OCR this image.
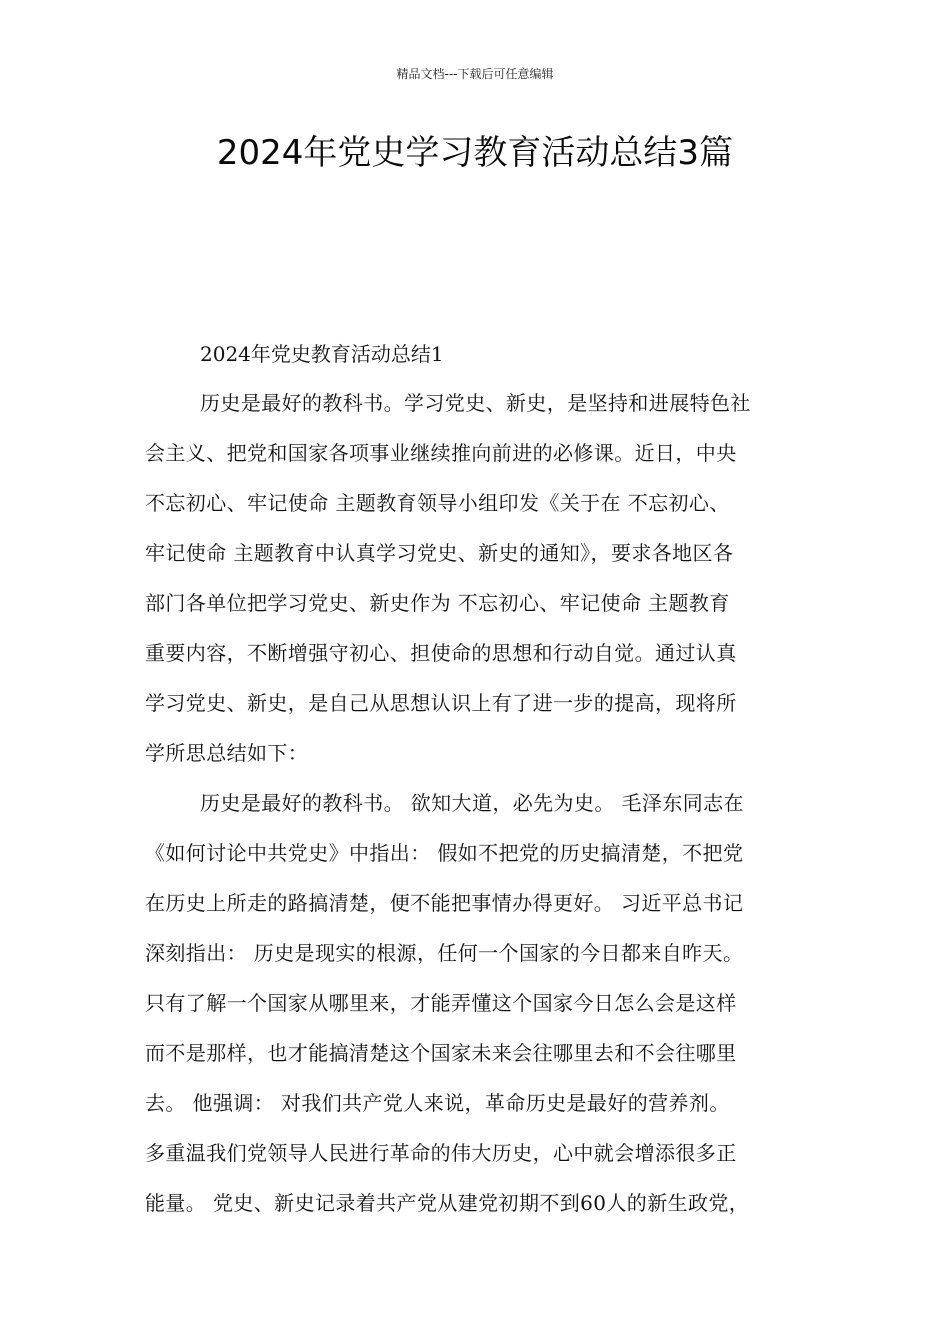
精品文档---下载后可任意编辑
2024年党史学习教育活动总结3篇
2024年党史教育活动总结1

历史是最好的教科书。学习党史、新史，是坚持和进展特色社
会主义、把党和国家各项事业继续推向前进的必修课。近日，中央
不忘初心、牢记使命 主题教育领导小组印发《关于在 不忘初心、
牢记使命 主题教育中认真学习党史、新史的通知》，要求各地区各
部门各单位把学习党史、新史作为 不忘初心、牢记使命 主题教育
重要内容，不断增强守初心、担使命的思想和行动自觉。通过认真
学习党史、新史，是自己从思想认识上有了进一步的提高，现将所
学所思总结如下：

历史是最好的教科书。 欲知大道，必先为史。 毛泽东同志在
《如何讨论中共党史》中指出： 假如不把党的历史搞清楚，不把党
在历史上所走的路搞清楚，便不能把事情办得更好。 习近平总书记
深刻指出： 历史是现实的根源，任何一个国家的今日都来自昨天。
只有了解一个国家从哪里来，才能弄懂这个国家今日怎么会是这样
而不是那样，也才能搞清楚这个国家未来会往哪里去和不会往哪里
去。 他强调： 对我们共产党人来说，革命历史是最好的营养剂。
多重温我们党领导人民进行革命的伟大历史，心中就会增添很多正
能量。 党史、新史记录着共产党从建党初期不到60人的新生政党，
